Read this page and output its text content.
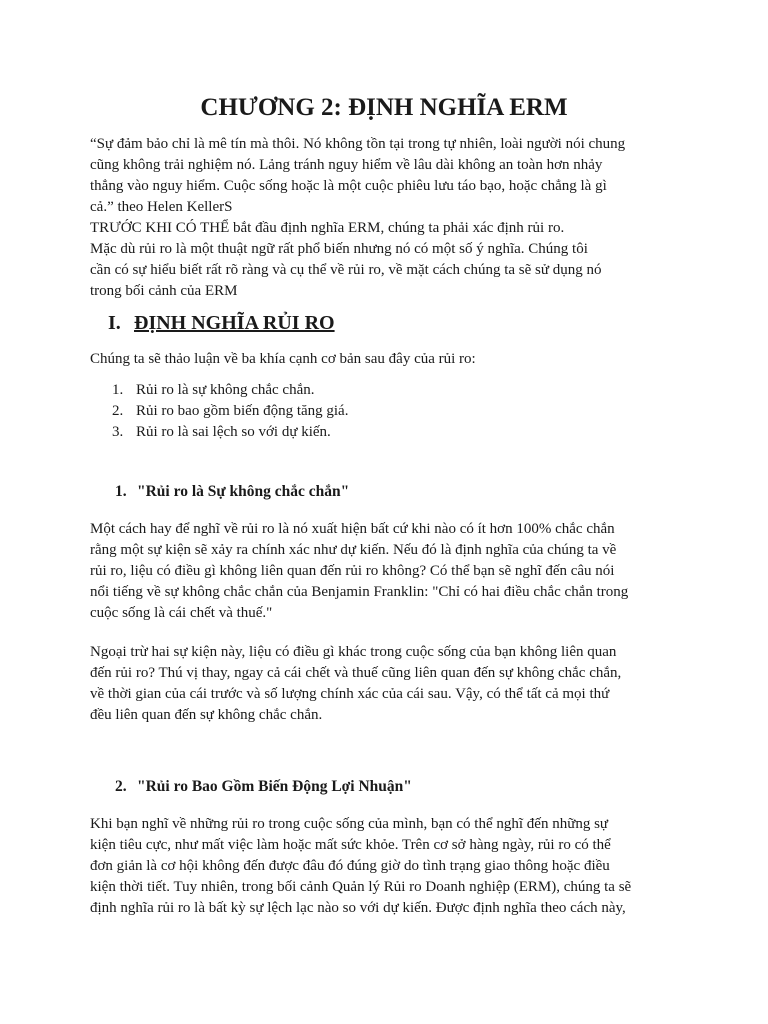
CHƯƠNG 2: ĐỊNH NGHĨA ERM
“Sự đảm bảo chỉ là mê tín mà thôi. Nó không tồn tại trong tự nhiên, loài người nói chung
cũng không trải nghiệm nó. Lảng tránh nguy hiểm về lâu dài không an toàn hơn nhảy
thẳng vào nguy hiểm. Cuộc sống hoặc là một cuộc phiêu lưu táo bạo, hoặc chẳng là gì
cả.” theo Helen KellerS
TRƯỚC KHI CÓ THỂ bắt đầu định nghĩa ERM, chúng ta phải xác định rủi ro.
Mặc dù rủi ro là một thuật ngữ rất phổ biến nhưng nó có một số ý nghĩa. Chúng tôi
cần có sự hiểu biết rất rõ ràng và cụ thể về rủi ro, về mặt cách chúng ta sẽ sử dụng nó
trong bối cảnh của ERM
I. ĐỊNH NGHĨA RỦI RO

Chúng ta sẽ thảo luận về ba khía cạnh cơ bản sau đây của rủi ro:

1. Rủi ro là sự không chắc chắn.
2. Rủi ro bao gồm biến động tăng giá.
3. Rủi ro là sai lệch so với dự kiến.
1. "Rủi ro là Sự không chắc chắn"
Một cách hay để nghĩ về rủi ro là nó xuất hiện bất cứ khi nào có ít hơn 100% chắc chắn
rằng một sự kiện sẽ xảy ra chính xác như dự kiến. Nếu đó là định nghĩa của chúng ta về
rủi ro, liệu có điều gì không liên quan đến rủi ro không? Có thể bạn sẽ nghĩ đến câu nói
nổi tiếng về sự không chắc chắn của Benjamin Franklin: "Chỉ có hai điều chắc chắn trong
cuộc sống là cái chết và thuế."
Ngoại trừ hai sự kiện này, liệu có điều gì khác trong cuộc sống của bạn không liên quan
đến rủi ro? Thú vị thay, ngay cả cái chết và thuế cũng liên quan đến sự không chắc chắn,
về thời gian của cái trước và số lượng chính xác của cái sau. Vậy, có thể tất cả mọi thứ
đều liên quan đến sự không chắc chắn.
2. "Rủi ro Bao Gồm Biến Động Lợi Nhuận"
Khi bạn nghĩ về những rủi ro trong cuộc sống của mình, bạn có thể nghĩ đến những sự
kiện tiêu cực, như mất việc làm hoặc mất sức khỏe. Trên cơ sở hàng ngày, rủi ro có thể
đơn giản là cơ hội không đến được đâu đó đúng giờ do tình trạng giao thông hoặc điều
kiện thời tiết. Tuy nhiên, trong bối cảnh Quản lý Rủi ro Doanh nghiệp (ERM), chúng ta sẽ
định nghĩa rủi ro là bất kỳ sự lệch lạc nào so với dự kiến. Được định nghĩa theo cách này,
